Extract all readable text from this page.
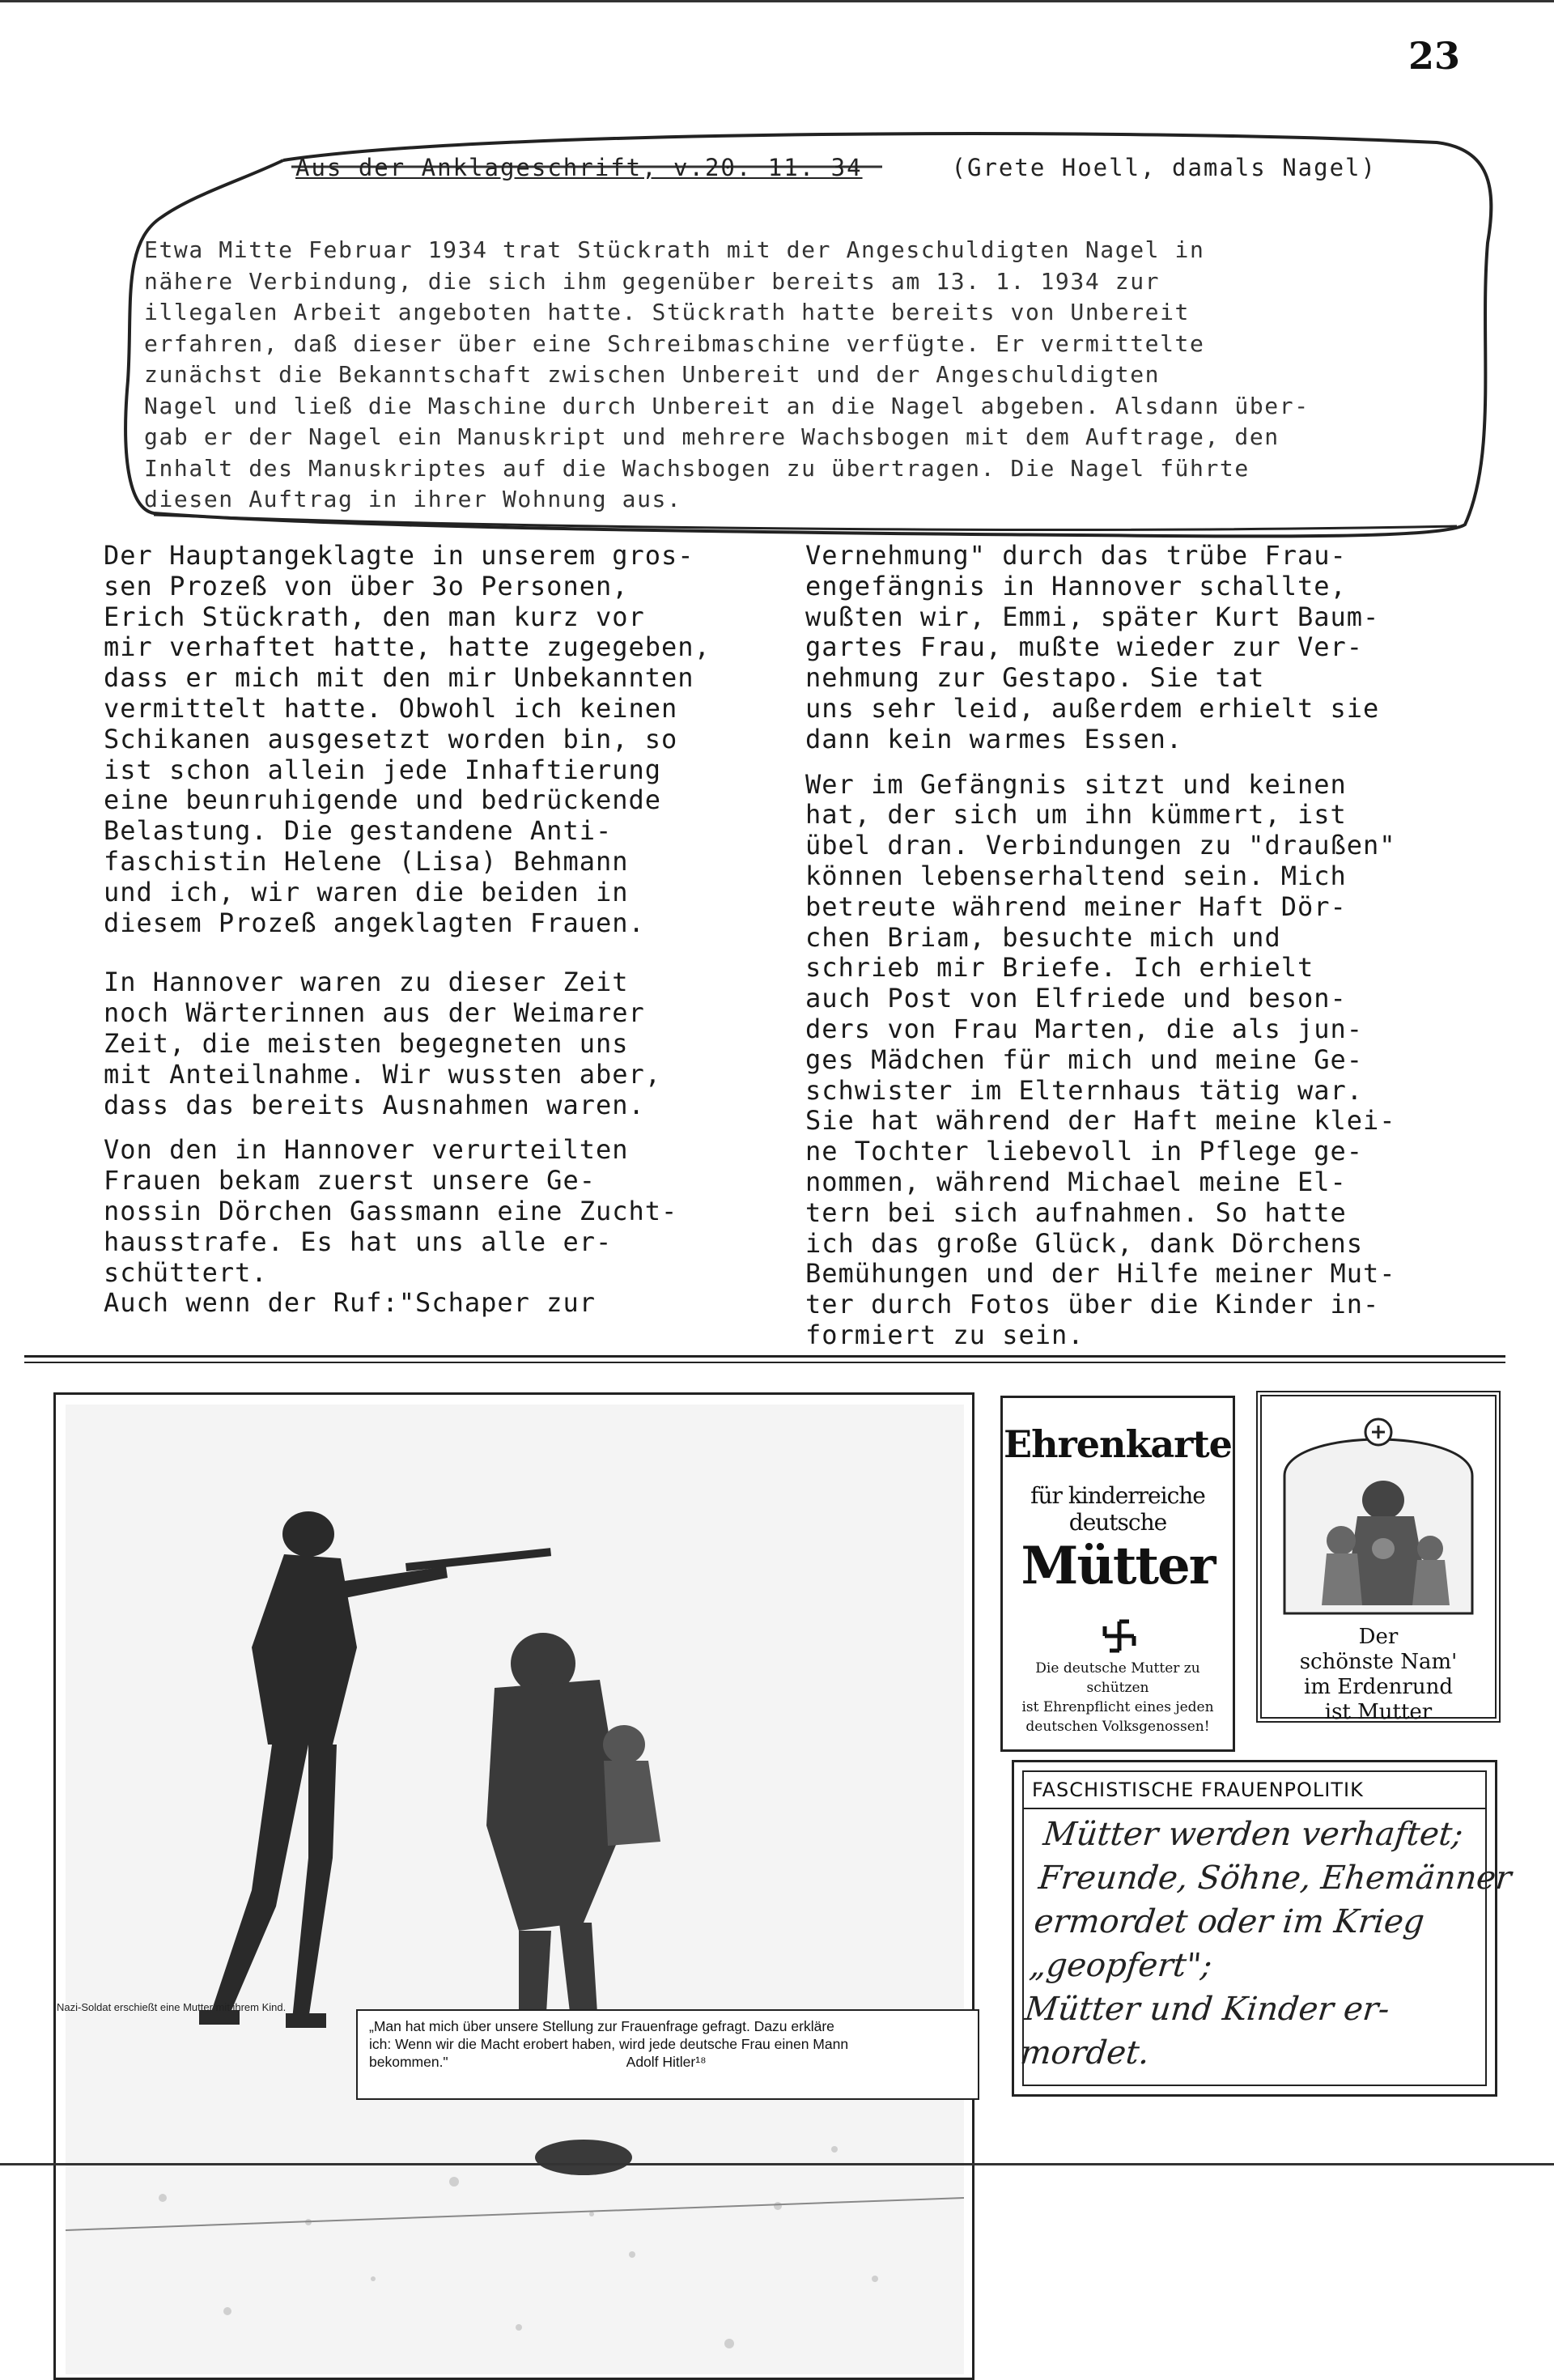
23
Aus der Anklageschrift, v.20. 11. 34	(Grete Hoell, damals Nagel)

Etwa Mitte Februar 1934 trat Stückrath mit der Angeschuldigten Nagel in

nähere Verbindung, die sich ihm gegenüber bereits am 13. 1. 1934 zur

illegalen Arbeit angeboten hatte. Stückrath hatte bereits von Unbereit

erfahren, daß dieser über eine Schreibmaschine verfügte. Er vermittelte

zunächst die Bekanntschaft zwischen Unbereit und der Angeschuldigten

Nagel und ließ die Maschine durch Unbereit an die Nagel abgeben. Alsdann über-

gab er der Nagel ein Manuskript und mehrere Wachsbogen mit dem Auftrage, den

Inhalt des Manuskriptes auf die Wachsbogen zu übertragen. Die Nagel führte

diesen Auftrag in ihrer Wohnung aus.

Der Hauptangeklagte in unserem gros-

sen Prozeß von über 3o Personen,

Erich Stückrath, den man kurz vor

mir verhaftet hatte, hatte zugegeben,

dass er mich mit den mir Unbekannten

vermittelt hatte. Obwohl ich keinen

Schikanen ausgesetzt worden bin, so

ist schon allein jede Inhaftierung

eine beunruhigende und bedrückende

Belastung. Die gestandene Anti-

faschistin Helene (Lisa) Behmann

und ich, wir waren die beiden in

diesem Prozeß angeklagten Frauen.

In Hannover waren zu dieser Zeit

noch Wärterinnen aus der Weimarer

Zeit, die meisten begegneten uns

mit Anteilnahme. Wir wussten aber,

dass das bereits Ausnahmen waren.

Von den in Hannover verurteilten

Frauen bekam zuerst unsere Ge-

nossin Dörchen Gassmann eine Zucht-

hausstrafe. Es hat uns alle er-

schüttert.

Auch wenn der Ruf:"Schaper zur

Vernehmung" durch das trübe Frau-

engefängnis in Hannover schallte,

wußten wir, Emmi, später Kurt Baum-

gartes Frau, mußte wieder zur Ver-

nehmung zur Gestapo. Sie tat

uns sehr leid, außerdem erhielt sie

dann kein warmes Essen.

Wer im Gefängnis sitzt und keinen

hat, der sich um ihn kümmert, ist

übel dran. Verbindungen zu "draußen"

können lebenserhaltend sein. Mich

betreute während meiner Haft Dör-

chen Briam, besuchte mich und

schrieb mir Briefe. Ich erhielt

auch Post von Elfriede und beson-

ders von Frau Marten, die als jun-

ges Mädchen für mich und meine Ge-

schwister im Elternhaus tätig war.

Sie hat während der Haft meine klei-

ne Tochter liebevoll in Pflege ge-

nommen, während Michael meine El-

tern bei sich aufnahmen. So hatte

ich das große Glück, dank Dörchens

Bemühungen und der Hilfe meiner Mut-

ter durch Fotos über die Kinder in-

formiert zu sein.

Nazi-Soldat erschießt eine Mutter mit ihrem Kind.

„Man hat mich über unsere Stellung zur Frauenfrage gefragt. Dazu erkläre

ich: Wenn wir die Macht erobert haben, wird jede deutsche Frau einen Mann

bekommen."	Adolf Hitler¹⁸

Ehrenkarte
für kinderreiche deutsche
Mütter
Die deutsche Mutter zu schützen
ist Ehrenpflicht eines jeden
deutschen Volksgenossen!
Der
schönste Nam'
im Erdenrund
ist Mutter
FASCHISTISCHE FRAUENPOLITIK

Mütter werden verhaftet;

Freunde, Söhne, Ehemänner

ermordet oder im Krieg

„geopfert";

Mütter und Kinder er-

mordet.
